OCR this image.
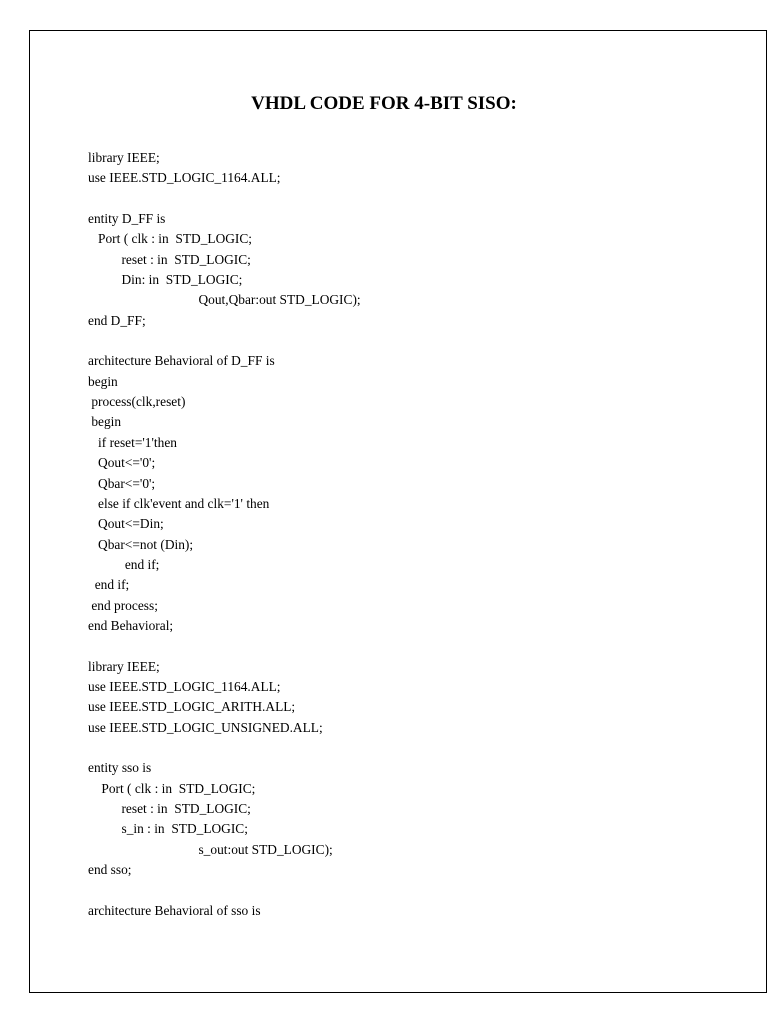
VHDL CODE FOR 4-BIT SISO:
library IEEE;
use IEEE.STD_LOGIC_1164.ALL;
entity D_FF is
Port ( clk : in  STD_LOGIC;
reset : in  STD_LOGIC;
Din: in  STD_LOGIC;
Qout,Qbar:out STD_LOGIC);
end D_FF;
architecture Behavioral of D_FF is
begin
process(clk,reset)
begin
if reset='1'then
Qout<='0';
Qbar<='0';
else if clk'event and clk='1' then
Qout<=Din;
Qbar<=not (Din);
end if;
end if;
end process;
end Behavioral;
library IEEE;
use IEEE.STD_LOGIC_1164.ALL;
use IEEE.STD_LOGIC_ARITH.ALL;
use IEEE.STD_LOGIC_UNSIGNED.ALL;
entity sso is
Port ( clk : in  STD_LOGIC;
reset : in  STD_LOGIC;
s_in : in  STD_LOGIC;
s_out:out STD_LOGIC);
end sso;
architecture Behavioral of sso is
